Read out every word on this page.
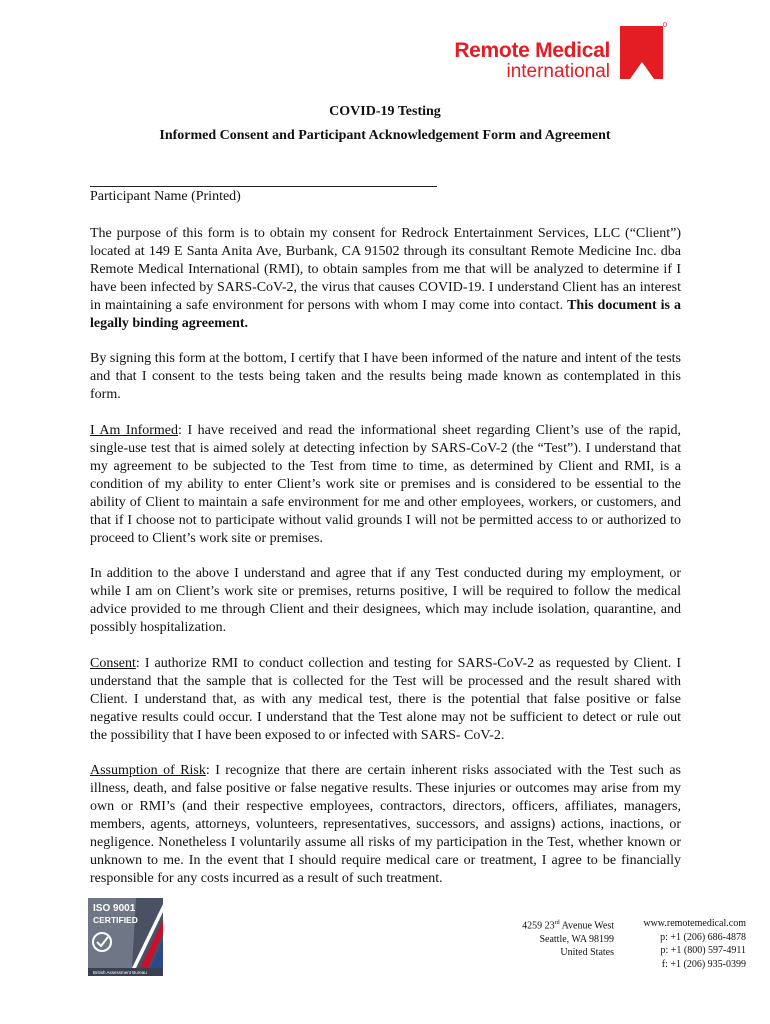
Remote Medical
international
COVID-19 Testing
Informed Consent and Participant Acknowledgement Form and Agreement
Participant Name (Printed)

The purpose of this form is to obtain my consent for Redrock Entertainment Services, LLC (“Client”) located at 149 E Santa Anita Ave, Burbank, CA 91502 through its consultant Remote Medicine Inc. dba Remote Medical International (RMI), to obtain samples from me that will be analyzed to determine if I have been infected by SARS-CoV-2, the virus that causes COVID-19. I understand Client has an interest in maintaining a safe environment for persons with whom I may come into contact. This document is a legally binding agreement.

By signing this form at the bottom, I certify that I have been informed of the nature and intent of the tests and that I consent to the tests being taken and the results being made known as contemplated in this form.

I Am Informed: I have received and read the informational sheet regarding Client’s use of the rapid, single-use test that is aimed solely at detecting infection by SARS-CoV-2 (the “Test”). I understand that my agreement to be subjected to the Test from time to time, as determined by Client and RMI, is a condition of my ability to enter Client’s work site or premises and is considered to be essential to the ability of Client to maintain a safe environment for me and other employees, workers, or customers, and that if I choose not to participate without valid grounds I will not be permitted access to or authorized to proceed to Client’s work site or premises.

In addition to the above I understand and agree that if any Test conducted during my employment, or while I am on Client’s work site or premises, returns positive, I will be required to follow the medical advice provided to me through Client and their designees, which may include isolation, quarantine, and possibly hospitalization.

Consent: I authorize RMI to conduct collection and testing for SARS-CoV-2 as requested by Client. I understand that the sample that is collected for the Test will be processed and the result shared with Client. I understand that, as with any medical test, there is the potential that false positive or false negative results could occur. I understand that the Test alone may not be sufficient to detect or rule out the possibility that I have been exposed to or infected with SARS- CoV-2.

Assumption of Risk: I recognize that there are certain inherent risks associated with the Test such as illness, death, and false positive or false negative results. These injuries or outcomes may arise from my own or RMI’s (and their respective employees, contractors, directors, officers, affiliates, managers, members, agents, attorneys, volunteers, representatives, successors, and assigns) actions, inactions, or negligence. Nonetheless I voluntarily assume all risks of my participation in the Test, whether known or unknown to me. In the event that I should require medical care or treatment, I agree to be financially responsible for any costs incurred as a result of such treatment.

ISO 9001
CERTIFIED
British Assessment Bureau
4259 23rd Avenue West
Seattle, WA 98199
United States
www.remotemedical.com
p: +1 (206) 686-4878
p: +1 (800) 597-4911
f: +1 (206) 935-0399
